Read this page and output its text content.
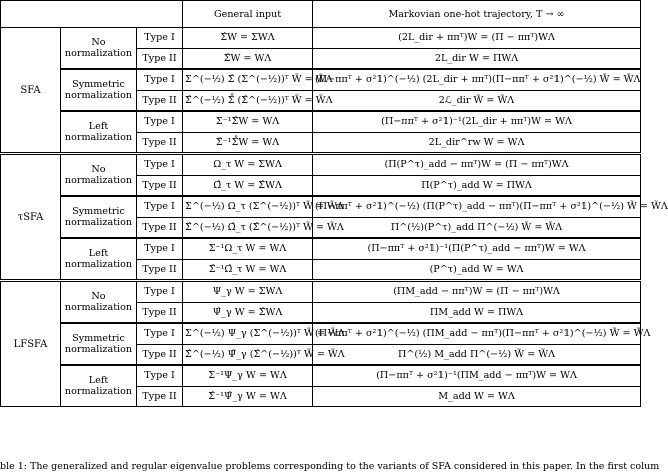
			General input	Markovian one-hot trajectory, T → ∞
SFA	No normalization	Type I	Σ̂W = ΣWΛ	(2L_dir + ππᵀ)W = (Π − ππᵀ)WΛ
		Type II	Σ̂W = WΛ	2L_dir W = ΠWΛ
	Symmetric normalization	Type I	Σ^(−½) Σ̂ (Σ^(−½))ᵀ W̃ = W̃Λ	(Π−ππᵀ + σ²𝟙)^(−½) (2L_dir + ππᵀ)(Π−ππᵀ + σ²𝟙)^(−½) W̃ = W̃Λ
		Type II	Σ̂^(−½) Σ̂̂ (Σ̂^(−½))ᵀ W̃ = W̃Λ	2ℒ_dir W̃ = W̃Λ
	Left normalization	Type I	Σ⁻¹Σ̂W = WΛ	(Π−ππᵀ + σ²𝟙)⁻¹(2L_dir + ππᵀ)W = WΛ
		Type II	Σ̂⁻¹Σ̂̂W = WΛ	2L_dir^rw W = WΛ
τSFA	No normalization	Type I	Ω_τ W = ΣWΛ	(Π(P^τ)_add − ππᵀ)W = (Π − ππᵀ)WΛ
		Type II	Ω̂_τ W = Σ̂WΛ	Π(P^τ)_add W = ΠWΛ
	Symmetric normalization	Type I	Σ^(−½) Ω_τ (Σ^(−½))ᵀ W̃ = W̃Λ	(Π−ππᵀ + σ²𝟙)^(−½) (Π(P^τ)_add − ππᵀ)(Π−ππᵀ + σ²𝟙)^(−½) W̃ = W̃Λ
		Type II	Σ̂^(−½) Ω̂_τ (Σ̂^(−½))ᵀ W̃ = W̃Λ	Π^(½)(P^τ)_add Π^(−½) W̃ = W̃Λ
	Left normalization	Type I	Σ⁻¹Ω_τ W = WΛ	(Π−ππᵀ + σ²𝟙)⁻¹(Π(P^τ)_add − ππᵀ)W = WΛ
		Type II	Σ̂⁻¹Ω̂_τ W = WΛ	(P^τ)_add W = WΛ
LFSFA	No normalization	Type I	Ψ_γ W = ΣWΛ	(ΠM_add − ππᵀ)W = (Π − ππᵀ)WΛ
		Type II	Ψ̂_γ W = Σ̂WΛ	ΠM_add W = ΠWΛ
	Symmetric normalization	Type I	Σ^(−½) Ψ_γ (Σ^(−½))ᵀ W̃ = W̃Λ	(Π−ππᵀ + σ²𝟙)^(−½) (ΠM_add − ππᵀ)(Π−ππᵀ + σ²𝟙)^(−½) W̃ = W̃Λ
		Type II	Σ̂^(−½) Ψ̂_γ (Σ̂^(−½))ᵀ W̃ = W̃Λ	Π^(½) M_add Π^(−½) W̃ = W̃Λ
	Left normalization	Type I	Σ⁻¹Ψ_γ W = WΛ	(Π−ππᵀ + σ²𝟙)⁻¹(ΠM_add − ππᵀ)W = WΛ
		Type II	Σ̂⁻¹Ψ̂_γ W = WΛ	M_add W = WΛ
ble 1: The generalized and regular eigenvalue problems corresponding to the variants of SFA considered in this paper. In the first colum
